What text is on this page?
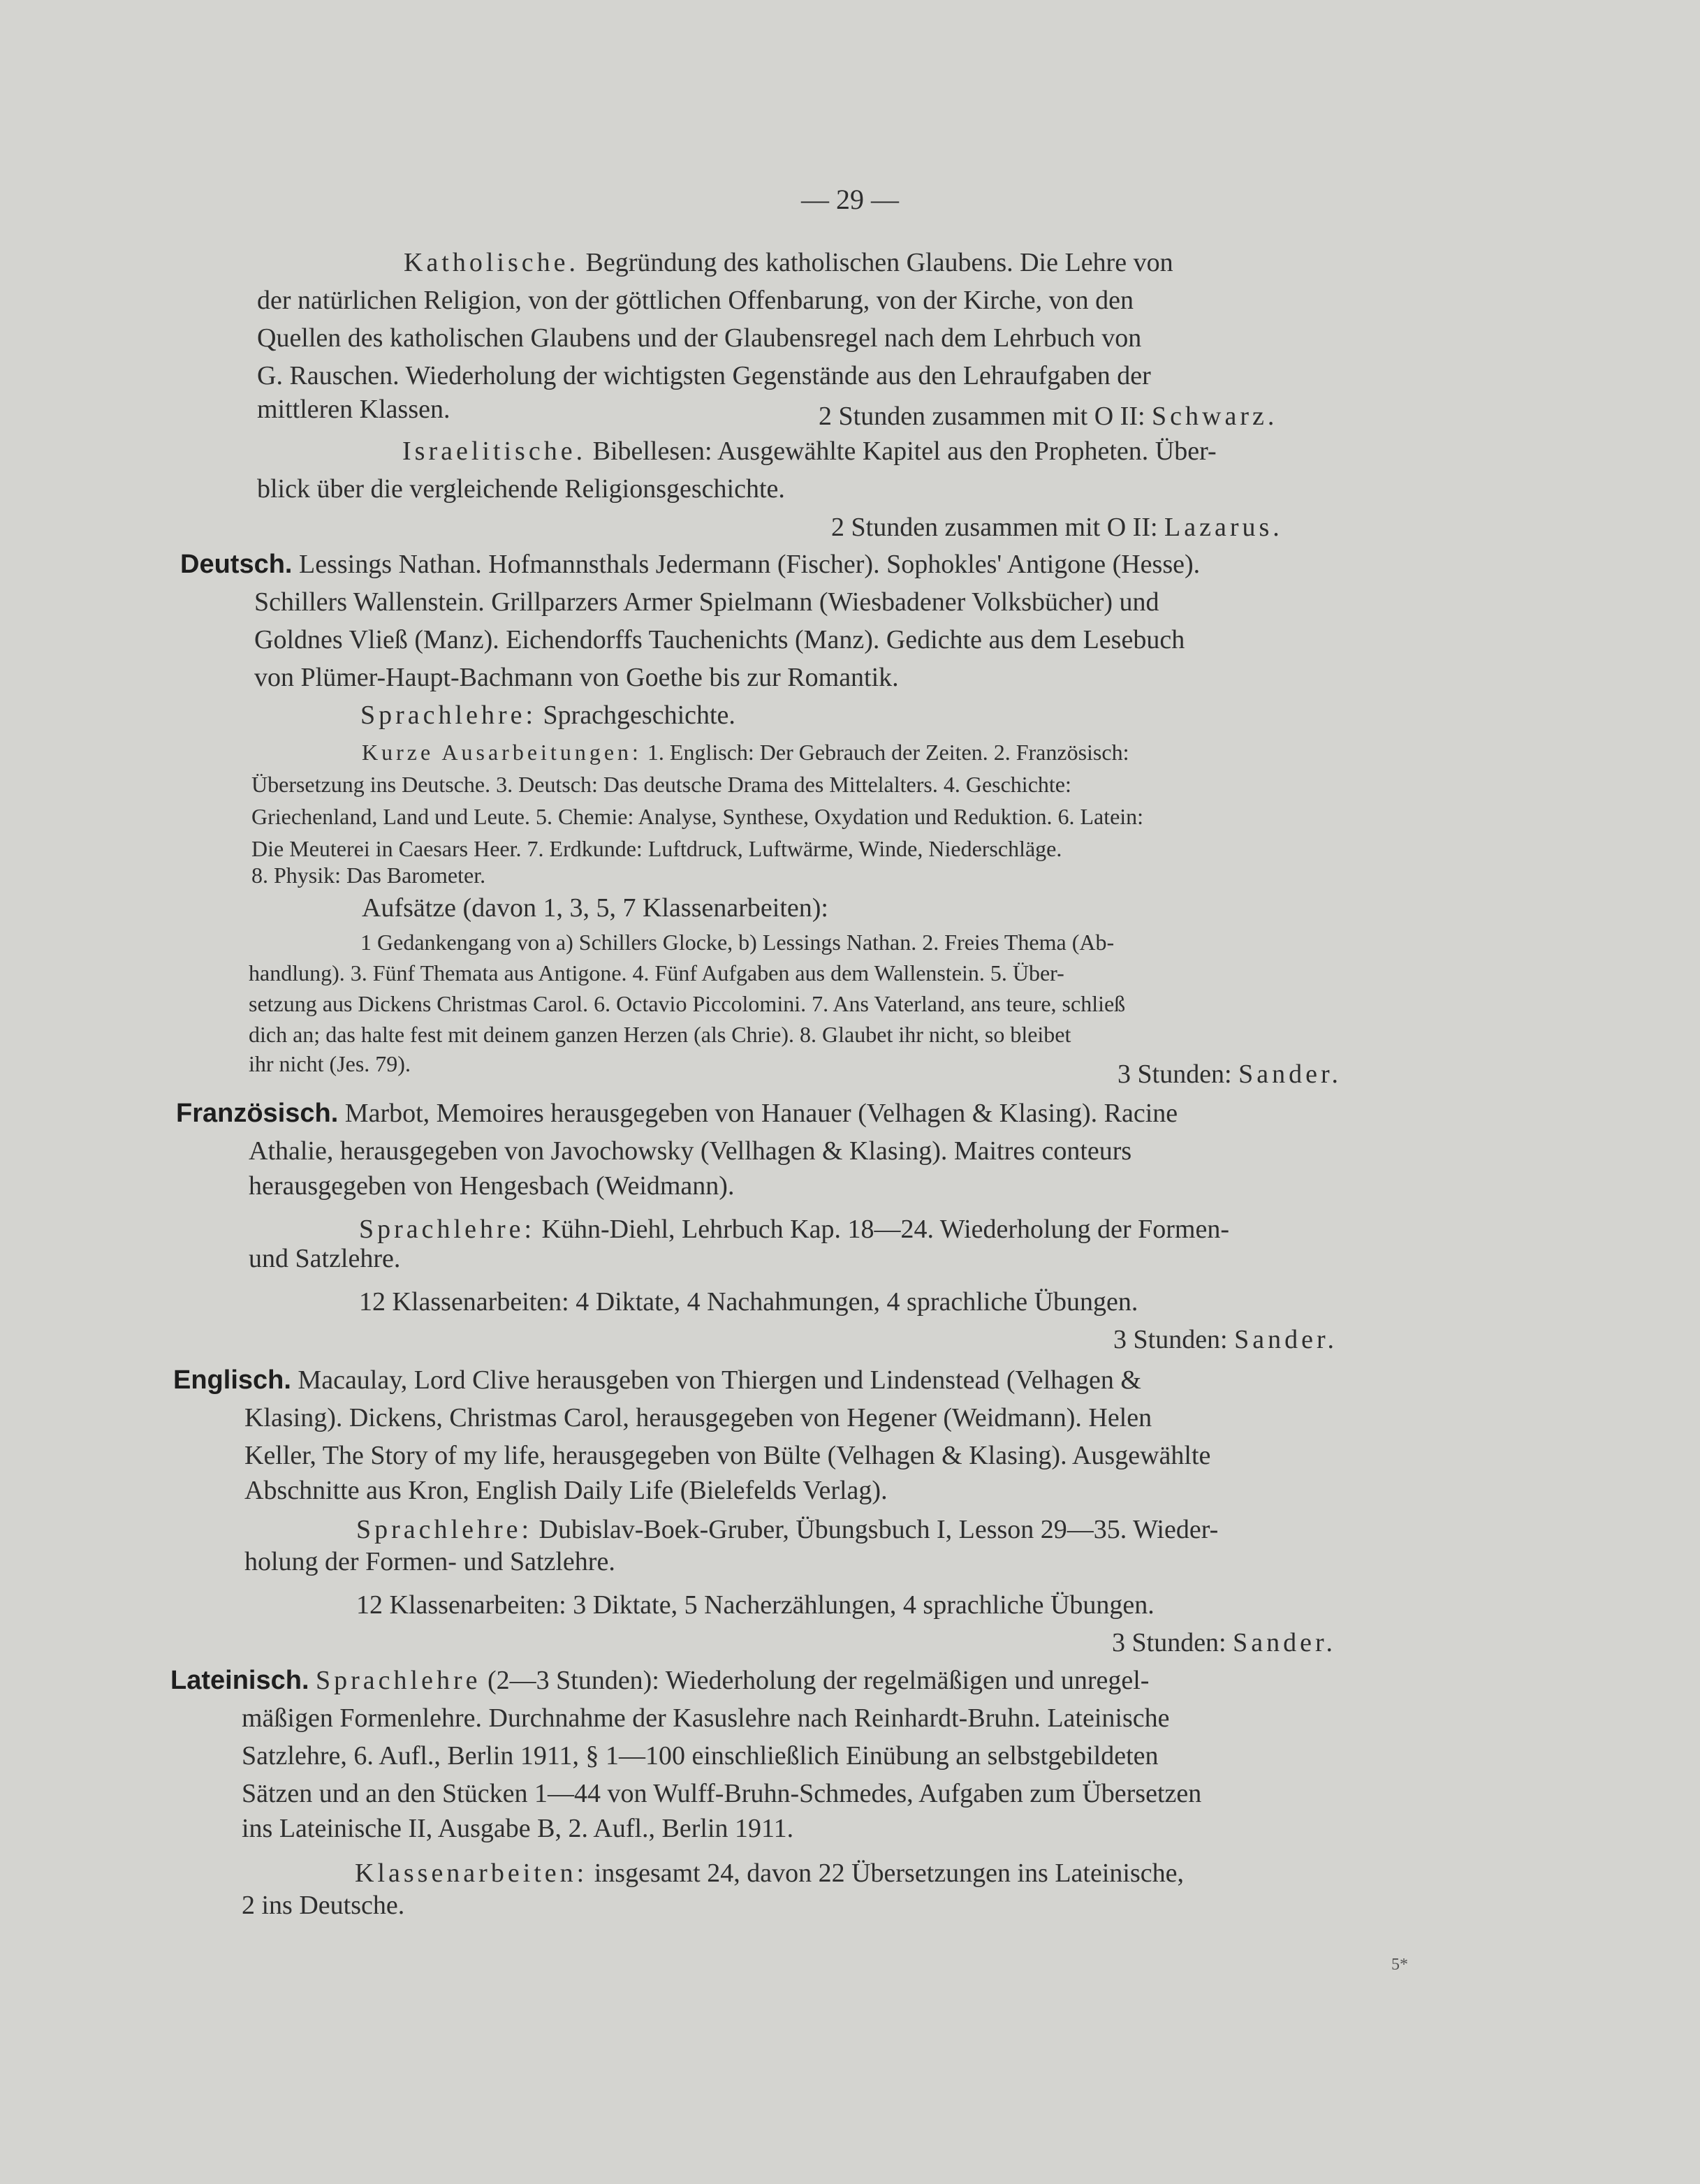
— 29 —
Katholische. Begründung des katholischen Glaubens. Die Lehre von
der natürlichen Religion, von der göttlichen Offenbarung, von der Kirche, von den
Quellen des katholischen Glaubens und der Glaubensregel nach dem Lehrbuch von
G. Rauschen. Wiederholung der wichtigsten Gegenstände aus den Lehraufgaben der
mittleren Klassen.	2 Stunden zusammen mit O II: Schwarz.
Israelitische. Bibellesen: Ausgewählte Kapitel aus den Propheten. Über-
blick über die vergleichende Religionsgeschichte.
2 Stunden zusammen mit O II: Lazarus.
Deutsch. Lessings Nathan. Hofmannsthals Jedermann (Fischer). Sophokles' Antigone (Hesse).
Schillers Wallenstein. Grillparzers Armer Spielmann (Wiesbadener Volksbücher) und
Goldnes Vließ (Manz). Eichendorffs Tauchenichts (Manz). Gedichte aus dem Lesebuch
von Plümer-Haupt-Bachmann von Goethe bis zur Romantik.
Sprachlehre: Sprachgeschichte.
Kurze Ausarbeitungen: 1. Englisch: Der Gebrauch der Zeiten. 2. Französisch:
Übersetzung ins Deutsche. 3. Deutsch: Das deutsche Drama des Mittelalters. 4. Geschichte:
Griechenland, Land und Leute. 5. Chemie: Analyse, Synthese, Oxydation und Reduktion. 6. Latein:
Die Meuterei in Caesars Heer. 7. Erdkunde: Luftdruck, Luftwärme, Winde, Niederschläge.
8. Physik: Das Barometer.
Aufsätze (davon 1, 3, 5, 7 Klassenarbeiten):
1 Gedankengang von a) Schillers Glocke, b) Lessings Nathan. 2. Freies Thema (Ab-
handlung). 3. Fünf Themata aus Antigone. 4. Fünf Aufgaben aus dem Wallenstein. 5. Über-
setzung aus Dickens Christmas Carol. 6. Octavio Piccolomini. 7. Ans Vaterland, ans teure, schließ
dich an; das halte fest mit deinem ganzen Herzen (als Chrie). 8. Glaubet ihr nicht, so bleibet
ihr nicht (Jes. 79).	3 Stunden: Sander.
Französisch. Marbot, Memoires herausgegeben von Hanauer (Velhagen & Klasing). Racine
Athalie, herausgegeben von Javochowsky (Vellhagen & Klasing). Maitres conteurs
herausgegeben von Hengesbach (Weidmann).
Sprachlehre: Kühn-Diehl, Lehrbuch Kap. 18—24. Wiederholung der Formen-
und Satzlehre.
12 Klassenarbeiten: 4 Diktate, 4 Nachahmungen, 4 sprachliche Übungen.
3 Stunden: Sander.
Englisch. Macaulay, Lord Clive herausgeben von Thiergen und Lindenstead (Velhagen &
Klasing). Dickens, Christmas Carol, herausgegeben von Hegener (Weidmann). Helen
Keller, The Story of my life, herausgegeben von Bülte (Velhagen & Klasing). Ausgewählte
Abschnitte aus Kron, English Daily Life (Bielefelds Verlag).
Sprachlehre: Dubislav-Boek-Gruber, Übungsbuch I, Lesson 29—35. Wieder-
holung der Formen- und Satzlehre.
12 Klassenarbeiten: 3 Diktate, 5 Nacherzählungen, 4 sprachliche Übungen.
3 Stunden: Sander.
Lateinisch. Sprachlehre (2—3 Stunden): Wiederholung der regelmäßigen und unregel-
mäßigen Formenlehre. Durchnahme der Kasuslehre nach Reinhardt-Bruhn. Lateinische
Satzlehre, 6. Aufl., Berlin 1911, § 1—100 einschließlich Einübung an selbstgebildeten
Sätzen und an den Stücken 1—44 von Wulff-Bruhn-Schmedes, Aufgaben zum Übersetzen
ins Lateinische II, Ausgabe B, 2. Aufl., Berlin 1911.
Klassenarbeiten: insgesamt 24, davon 22 Übersetzungen ins Lateinische,
2 ins Deutsche.
5*
